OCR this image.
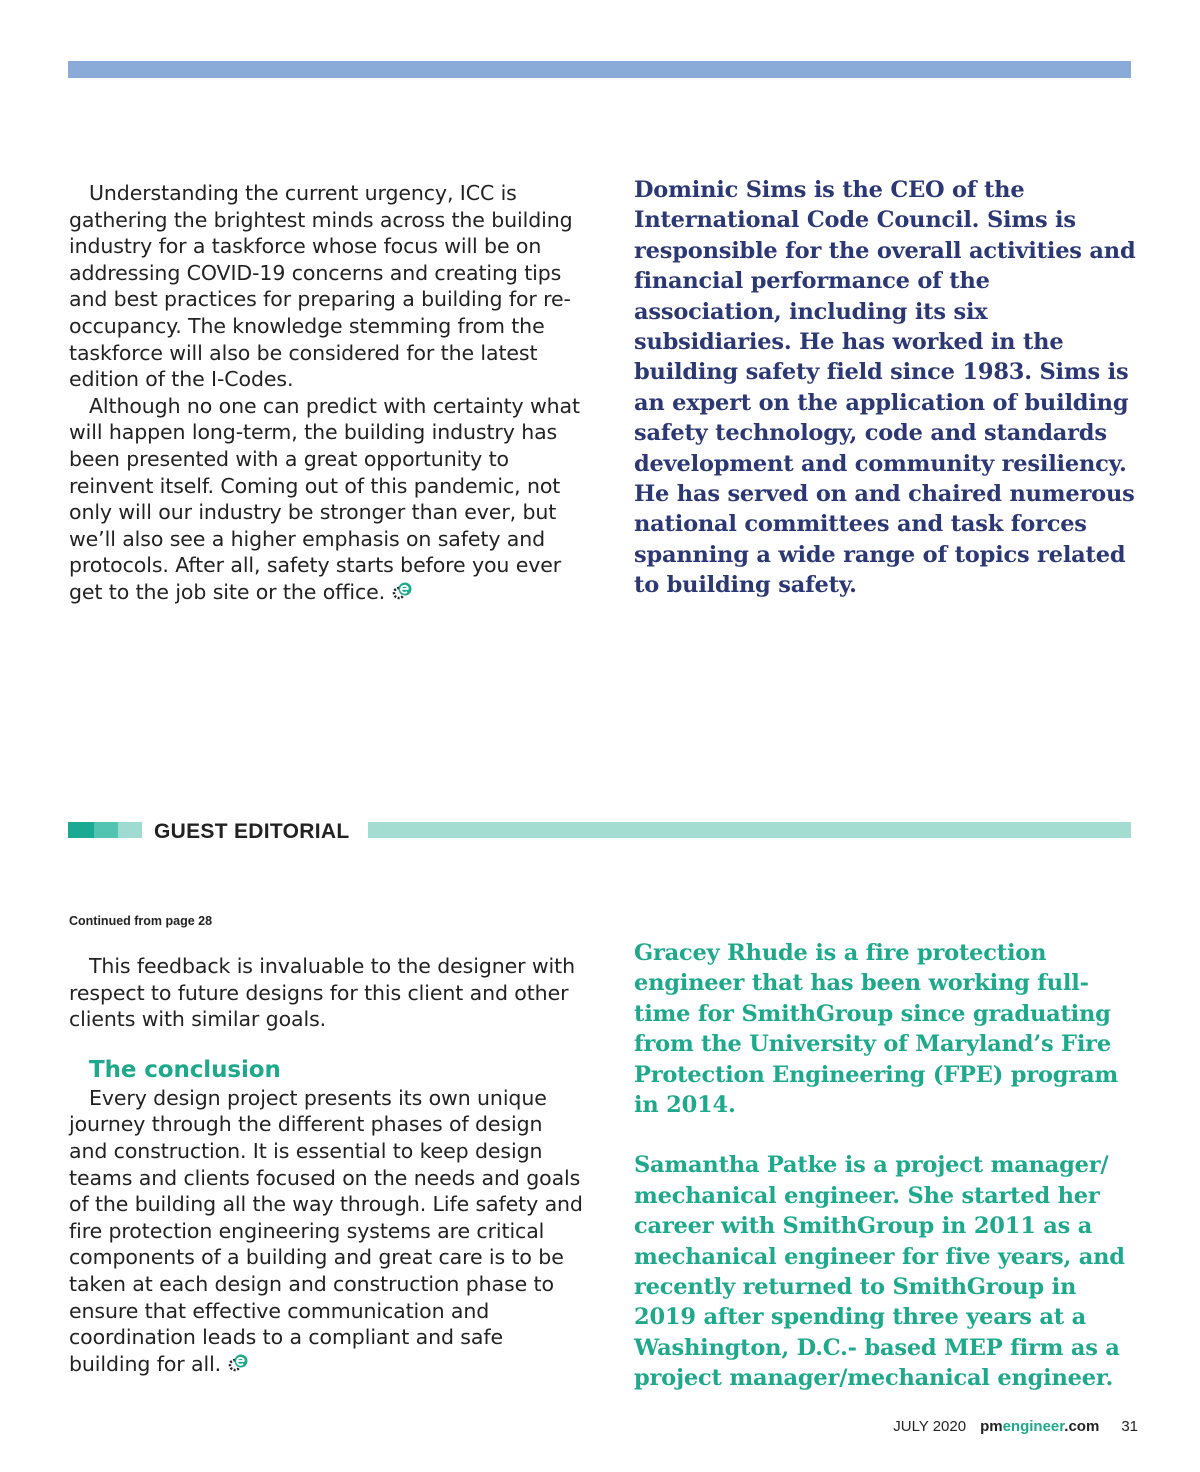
Understanding the current urgency, ICC is gathering the brightest minds across the building industry for a taskforce whose focus will be on addressing COVID-19 concerns and creating tips and best practices for preparing a building for re-occupancy. The knowledge stemming from the taskforce will also be considered for the latest edition of the I-Codes.

Although no one can predict with certainty what will happen long-term, the building industry has been presented with a great opportunity to reinvent itself. Coming out of this pandemic, not only will our industry be stronger than ever, but we’ll also see a higher emphasis on safety and protocols. After all, safety starts before you ever get to the job site or the office.

Dominic Sims is the CEO of the International Code Council. Sims is responsible for the overall activities and financial performance of the association, including its six subsidiaries. He has worked in the building safety field since 1983. Sims is an expert on the application of building safety technology, code and standards development and community resiliency. He has served on and chaired numerous national committees and task forces spanning a wide range of topics related to building safety.

GUEST EDITORIAL
Continued from page 28

This feedback is invaluable to the designer with respect to future designs for this client and other clients with similar goals.

The conclusion

Every design project presents its own unique journey through the different phases of design and construction. It is essential to keep design teams and clients focused on the needs and goals of the building all the way through. Life safety and fire protection engineering systems are critical components of a building and great care is to be taken at each design and construction phase to ensure that effective communication and coordination leads to a compliant and safe building for all.

Gracey Rhude is a fire protection engineer that has been working full-time for SmithGroup since graduating from the University of Maryland’s Fire Protection Engineering (FPE) program in 2014.

Samantha Patke is a project manager/ mechanical engineer. She started her career with SmithGroup in 2011 as a mechanical engineer for five years, and recently returned to SmithGroup in 2019 after spending three years at a Washington, D.C.- based MEP firm as a project manager/mechanical engineer.

JULY 2020 pmengineer.com 31
